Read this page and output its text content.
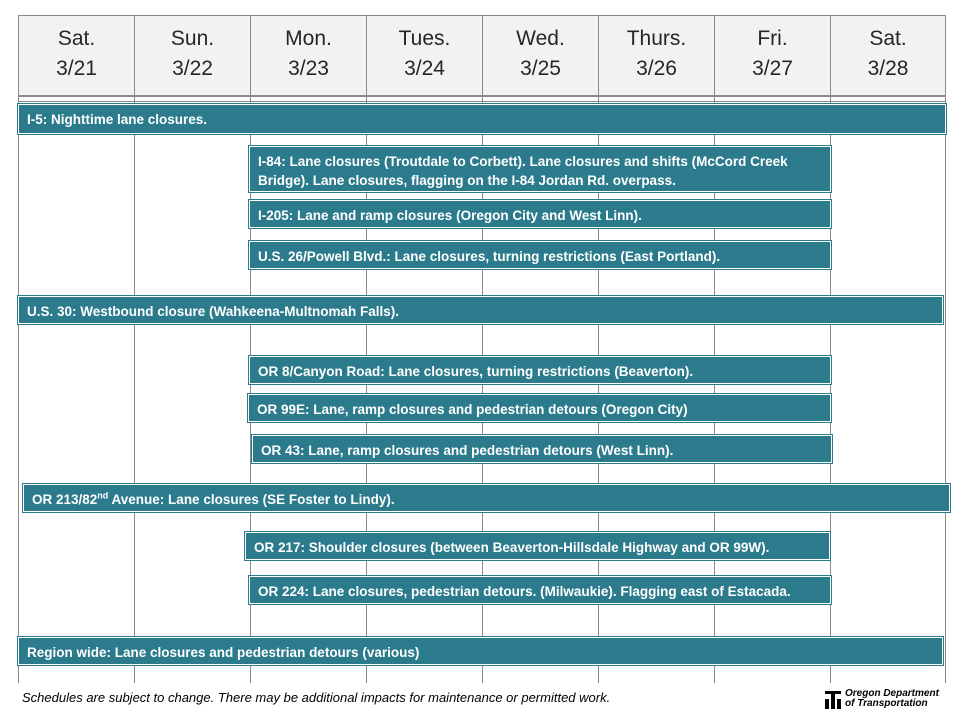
Sat.
3/21
Sun.
3/22
Mon.
3/23
Tues.
3/24
Wed.
3/25
Thurs.
3/26
Fri.
3/27
Sat.
3/28
I-5: Nighttime lane closures.
I-84: Lane closures (Troutdale to Corbett). Lane closures and shifts (McCord Creek Bridge). Lane closures, flagging on the I-84 Jordan Rd. overpass.
I-205: Lane and ramp closures (Oregon City and West Linn).
U.S. 26/Powell Blvd.: Lane closures, turning restrictions (East Portland).
U.S. 30: Westbound closure (Wahkeena-Multnomah Falls).
OR 8/Canyon Road: Lane closures, turning restrictions (Beaverton).
OR 99E: Lane, ramp closures and pedestrian detours (Oregon City)
OR 43: Lane, ramp closures and pedestrian detours (West Linn).
OR 213/82nd Avenue: Lane closures (SE Foster to Lindy).
OR 217: Shoulder closures (between Beaverton-Hillsdale Highway and OR 99W).
OR 224: Lane closures, pedestrian detours. (Milwaukie). Flagging east of Estacada.
Region wide: Lane closures and pedestrian detours (various)
Schedules are subject to change. There may be additional impacts for maintenance or permitted work.	Oregon Department
of Transportation
